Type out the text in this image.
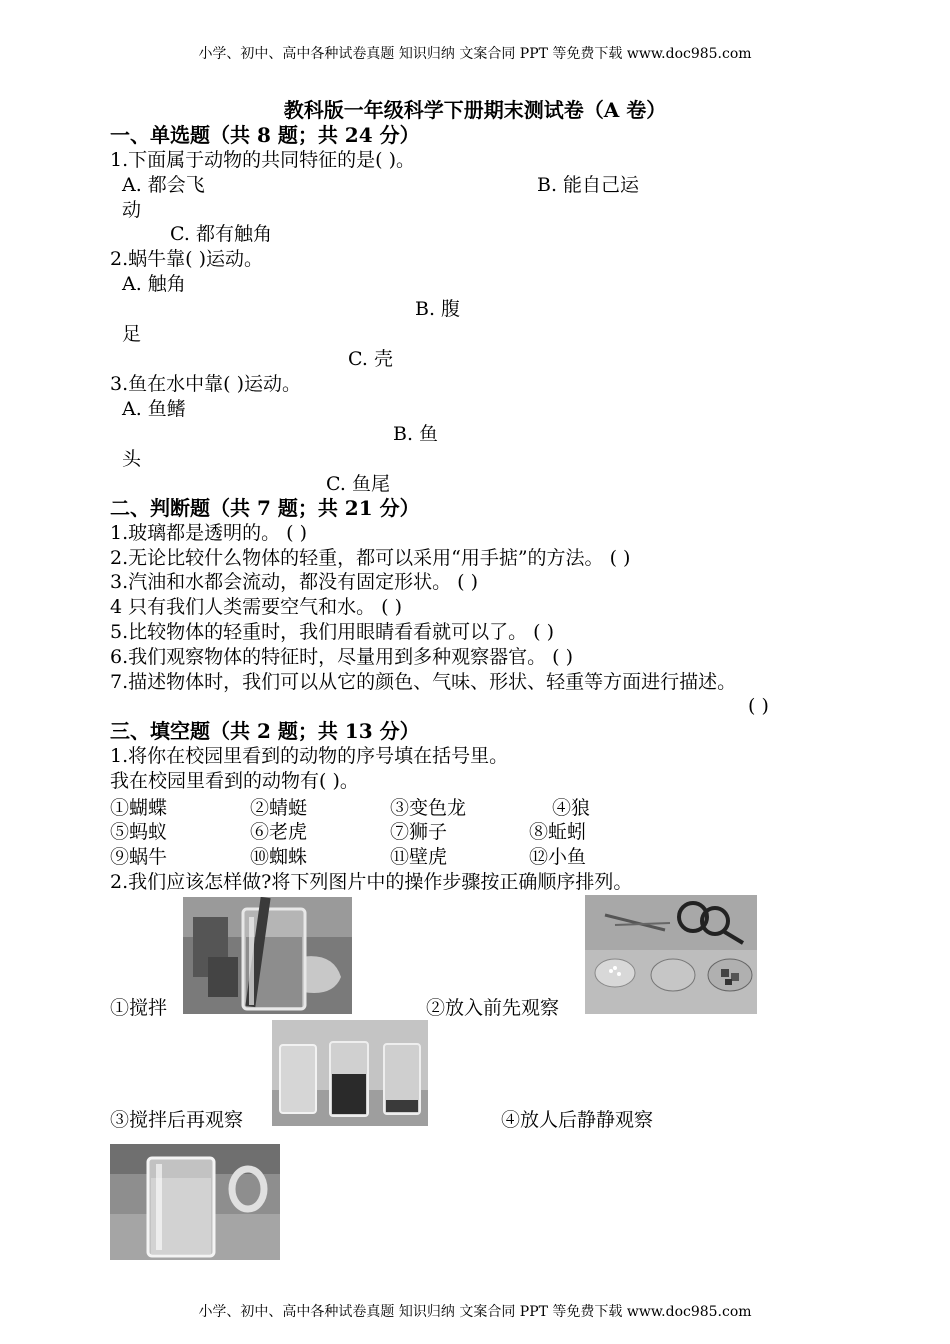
小学、初中、高中各种试卷真题 知识归纳 文案合同 PPT 等免费下载 www.doc985.com
教科版一年级科学下册期末测试卷（A 卷）
一、单选题（共 8 题；共 24 分）
1.下面属于动物的共同特征的是( )。
A. 都会飞	B. 能自己运
动
C. 都有触角
2.蜗牛靠( )运动。
A. 触角
B. 腹
足
C. 壳
3.鱼在水中靠( )运动。
A. 鱼鳍
B. 鱼
头
C. 鱼尾
二、判断题（共 7 题；共 21 分）
1.玻璃都是透明的。 ( )
2.无论比较什么物体的轻重，都可以采用“用手掂”的方法。 ( )
3.汽油和水都会流动，都没有固定形状。 ( )
4 只有我们人类需要空气和水。 ( )
5.比较物体的轻重时，我们用眼睛看看就可以了。 ( )
6.我们观察物体的特征时，尽量用到多种观察器官。 ( )
7.描述物体时，我们可以从它的颜色、气味、形状、轻重等方面进行描述。
( )
三、填空题（共 2 题；共 13 分）
1.将你在校园里看到的动物的序号填在括号里。
我在校园里看到的动物有( )。
①蝴蝶	②蜻蜓	③变色龙	④狼
⑤蚂蚁	⑥老虎	⑦狮子	⑧蚯蚓
⑨蜗牛	⑩蜘蛛	⑪壁虎	⑫小鱼
2.我们应该怎样做?将下列图片中的操作步骤按正确顺序排列。
①搅拌	②放入前先观察
③搅拌后再观察	④放人后静静观察
小学、初中、高中各种试卷真题 知识归纳 文案合同 PPT 等免费下载 www.doc985.com
